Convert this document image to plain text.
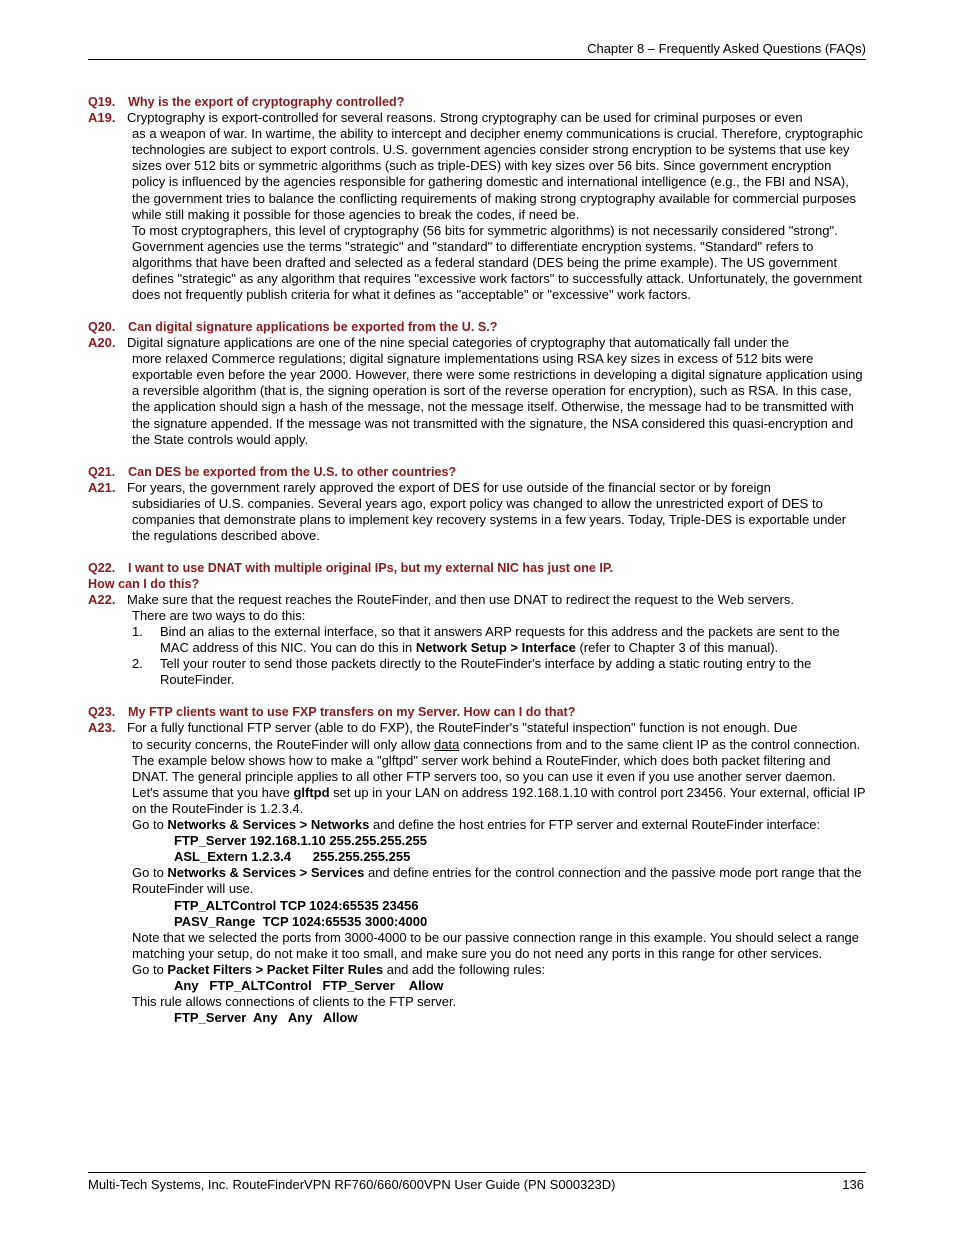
Chapter 8 – Frequently Asked Questions (FAQs)
Q19. Why is the export of cryptography controlled?
A19. Cryptography is export-controlled for several reasons. Strong cryptography can be used for criminal purposes or even

as a weapon of war. In wartime, the ability to intercept and decipher enemy communications is crucial. Therefore, cryptographic technologies are subject to export controls. U.S. government agencies consider strong encryption to be systems that use key sizes over 512 bits or symmetric algorithms (such as triple-DES) with key sizes over 56 bits. Since government encryption policy is influenced by the agencies responsible for gathering domestic and international intelligence (e.g., the FBI and NSA), the government tries to balance the conflicting requirements of making strong cryptography available for commercial purposes while still making it possible for those agencies to break the codes, if need be.

To most cryptographers, this level of cryptography (56 bits for symmetric algorithms) is not necessarily considered "strong". Government agencies use the terms "strategic" and "standard" to differentiate encryption systems. "Standard" refers to algorithms that have been drafted and selected as a federal standard (DES being the prime example). The US government defines "strategic" as any algorithm that requires "excessive work factors" to successfully attack. Unfortunately, the government does not frequently publish criteria for what it defines as "acceptable" or "excessive" work factors.

Q20. Can digital signature applications be exported from the U. S.?
A20. Digital signature applications are one of the nine special categories of cryptography that automatically fall under the

more relaxed Commerce regulations; digital signature implementations using RSA key sizes in excess of 512 bits were exportable even before the year 2000. However, there were some restrictions in developing a digital signature application using a reversible algorithm (that is, the signing operation is sort of the reverse operation for encryption), such as RSA. In this case, the application should sign a hash of the message, not the message itself. Otherwise, the message had to be transmitted with the signature appended. If the message was not transmitted with the signature, the NSA considered this quasi-encryption and the State controls would apply.

Q21. Can DES be exported from the U.S. to other countries?
A21. For years, the government rarely approved the export of DES for use outside of the financial sector or by foreign

subsidiaries of U.S. companies. Several years ago, export policy was changed to allow the unrestricted export of DES to companies that demonstrate plans to implement key recovery systems in a few years. Today, Triple-DES is exportable under the regulations described above.

Q22. I want to use DNAT with multiple original IPs, but my external NIC has just one IP.
How can I do this?
A22. Make sure that the request reaches the RouteFinder, and then use DNAT to redirect the request to the Web servers.

There are two ways to do this:

1.	Bind an alias to the external interface, so that it answers ARP requests for this address and the packets are sent to the MAC address of this NIC. You can do this in Network Setup > Interface (refer to Chapter 3 of this manual).
2.	Tell your router to send those packets directly to the RouteFinder's interface by adding a static routing entry to the RouteFinder.
Q23. My FTP clients want to use FXP transfers on my Server. How can I do that?
A23. For a fully functional FTP server (able to do FXP), the RouteFinder's "stateful inspection" function is not enough. Due

to security concerns, the RouteFinder will only allow data connections from and to the same client IP as the control connection.

The example below shows how to make a "glftpd" server work behind a RouteFinder, which does both packet filtering and DNAT. The general principle applies to all other FTP servers too, so you can use it even if you use another server daemon.

Let's assume that you have glftpd set up in your LAN on address 192.168.1.10 with control port 23456. Your external, official IP on the RouteFinder is 1.2.3.4.

Go to Networks & Services > Networks and define the host entries for FTP server and external RouteFinder interface:

FTP_Server 192.168.1.10 255.255.255.255
ASL_Extern 1.2.3.4      255.255.255.255

Go to Networks & Services > Services and define entries for the control connection and the passive mode port range that the RouteFinder will use.

FTP_ALTControl TCP 1024:65535 23456
PASV_Range  TCP 1024:65535 3000:4000

Note that we selected the ports from 3000-4000 to be our passive connection range in this example. You should select a range matching your setup, do not make it too small, and make sure you do not need any ports in this range for other services.

Go to Packet Filters > Packet Filter Rules and add the following rules:

Any   FTP_ALTControl   FTP_Server    Allow

This rule allows connections of clients to the FTP server.

FTP_Server  Any   Any   Allow
Multi-Tech Systems, Inc. RouteFinderVPN RF760/660/600VPN User Guide (PN S000323D)	136
